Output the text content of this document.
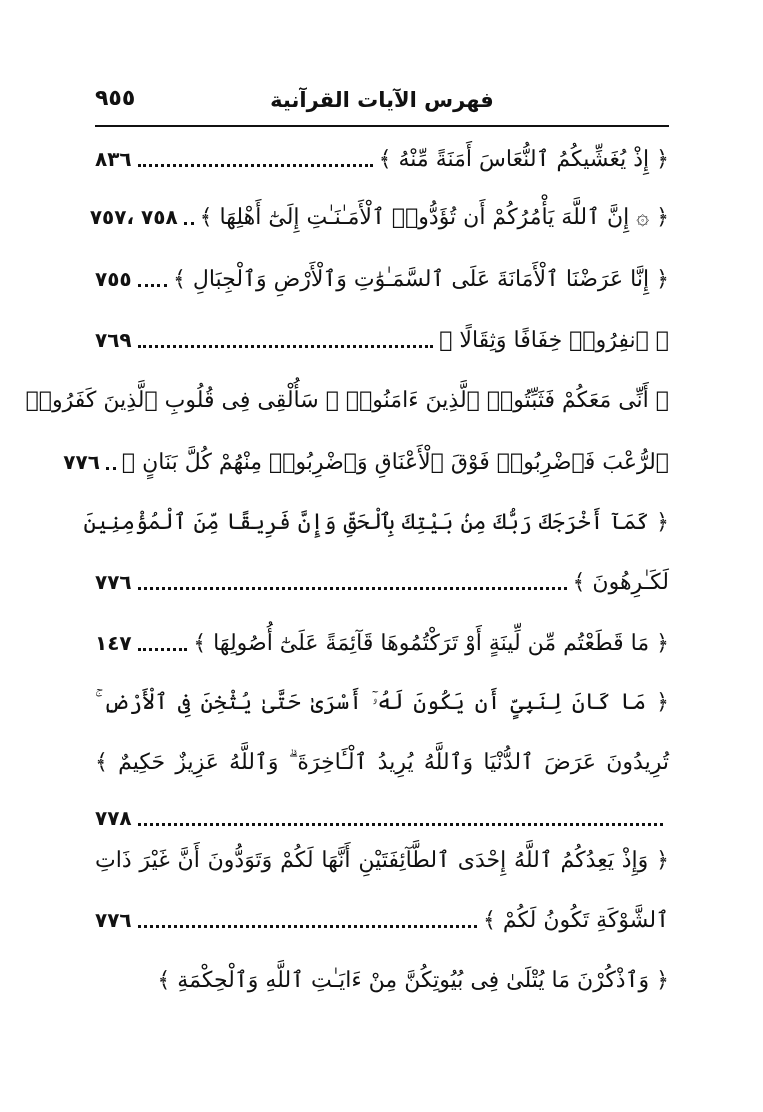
فهرس الآيات القرآنية
٩٥٥
﴿ إِذْ يُغَشِّيكُمُ ٱلنُّعَاسَ أَمَنَةً مِّنْهُ ﴾
٨٣٦
﴿ ۞ إِنَّ ٱللَّهَ يَأْمُرُكُمْ أَن تُؤَدُّوا۟ ٱلْأَمَـٰنَـٰتِ إِلَىٰٓ أَهْلِهَا ﴾
٧٥٨ ،٧٥٧
﴿ إِنَّا عَرَضْنَا ٱلْأَمَانَةَ عَلَى ٱلسَّمَـٰوَٰتِ وَٱلْأَرْضِ وَٱلْجِبَالِ ﴾
٧٥٥
﴿ ٱنفِرُوا۟ خِفَافًا وَثِقَالًا ﴾
٧٦٩
﴿ أَنِّى مَعَكُمْ فَثَبِّتُوا۟ ٱلَّذِينَ ءَامَنُوا۟ ۚ سَأُلْقِى فِى قُلُوبِ ٱلَّذِينَ كَفَرُوا۟
ٱلرُّعْبَ فَٱضْرِبُوا۟ فَوْقَ ٱلْأَعْنَاقِ وَٱضْرِبُوا۟ مِنْهُمْ كُلَّ بَنَانٍ ﴾
٧٧٦
﴿ كَمَآ أَخْرَجَكَ رَبُّكَ مِنۢ بَيْتِكَ بِٱلْحَقِّ وَإِنَّ فَرِيقًا مِّنَ ٱلْمُؤْمِنِينَ
لَكَـٰرِهُونَ ﴾
٧٧٦
﴿ مَا قَطَعْتُم مِّن لِّينَةٍ أَوْ تَرَكْتُمُوهَا قَآئِمَةً عَلَىٰٓ أُصُولِهَا ﴾
١٤٧
﴿ مَا كَانَ لِنَبِىٍّ أَن يَكُونَ لَهُۥٓ أَسْرَىٰ حَتَّىٰ يُثْخِنَ فِى ٱلْأَرْضِ ۚ
تُرِيدُونَ عَرَضَ ٱلدُّنْيَا وَٱللَّهُ يُرِيدُ ٱلْـَٔاخِرَةَ ۗ وَٱللَّهُ عَزِيزٌ حَكِيمٌ ﴾
٧٧٨
﴿ وَإِذْ يَعِدُكُمُ ٱللَّهُ إِحْدَى ٱلطَّآئِفَتَيْنِ أَنَّهَا لَكُمْ وَتَوَدُّونَ أَنَّ غَيْرَ ذَاتِ
ٱلشَّوْكَةِ تَكُونُ لَكُمْ ﴾
٧٧٦
﴿ وَٱذْكُرْنَ مَا يُتْلَىٰ فِى بُيُوتِكُنَّ مِنْ ءَايَـٰتِ ٱللَّهِ وَٱلْحِكْمَةِ ﴾
